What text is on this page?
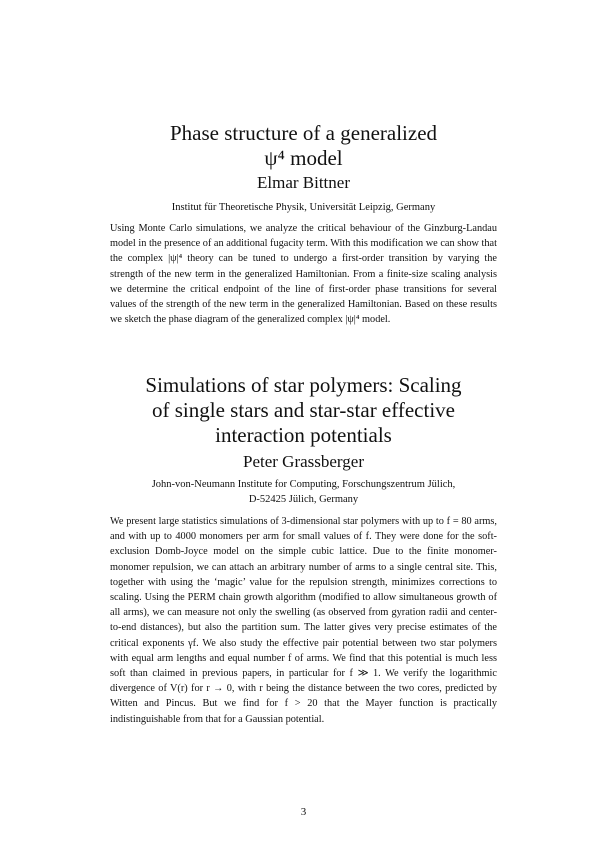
Phase structure of a generalized
ψ⁴ model
Elmar Bittner
Institut für Theoretische Physik, Universität Leipzig, Germany

Using Monte Carlo simulations, we analyze the critical behaviour of the Ginzburg-Landau model in the presence of an additional fugacity term. With this modification we can show that the complex |ψ|⁴ theory can be tuned to undergo a first-order transition by varying the strength of the new term in the generalized Hamiltonian. From a finite-size scaling analysis we determine the critical endpoint of the line of first-order phase transitions for several values of the strength of the new term in the generalized Hamiltonian. Based on these results we sketch the phase diagram of the generalized complex |ψ|⁴ model.

Simulations of star polymers: Scaling
of single stars and star-star effective
interaction potentials
Peter Grassberger
John-von-Neumann Institute for Computing, Forschungszentrum Jülich,
D-52425 Jülich, Germany

We present large statistics simulations of 3-dimensional star polymers with up to f = 80 arms, and with up to 4000 monomers per arm for small values of f. They were done for the soft-exclusion Domb-Joyce model on the simple cubic lattice. Due to the finite monomer-monomer repulsion, we can attach an arbitrary number of arms to a single central site. This, together with using the ‘magic’ value for the repulsion strength, minimizes corrections to scaling. Using the PERM chain growth algorithm (modified to allow simultaneous growth of all arms), we can measure not only the swelling (as observed from gyration radii and center-to-end distances), but also the partition sum. The latter gives very precise estimates of the critical exponents γf. We also study the effective pair potential between two star polymers with equal arm lengths and equal number f of arms. We find that this potential is much less soft than claimed in previous papers, in particular for f ≫ 1. We verify the logarithmic divergence of V(r) for r → 0, with r being the distance between the two cores, predicted by Witten and Pincus. But we find for f > 20 that the Mayer function is practically indistinguishable from that for a Gaussian potential.

3
